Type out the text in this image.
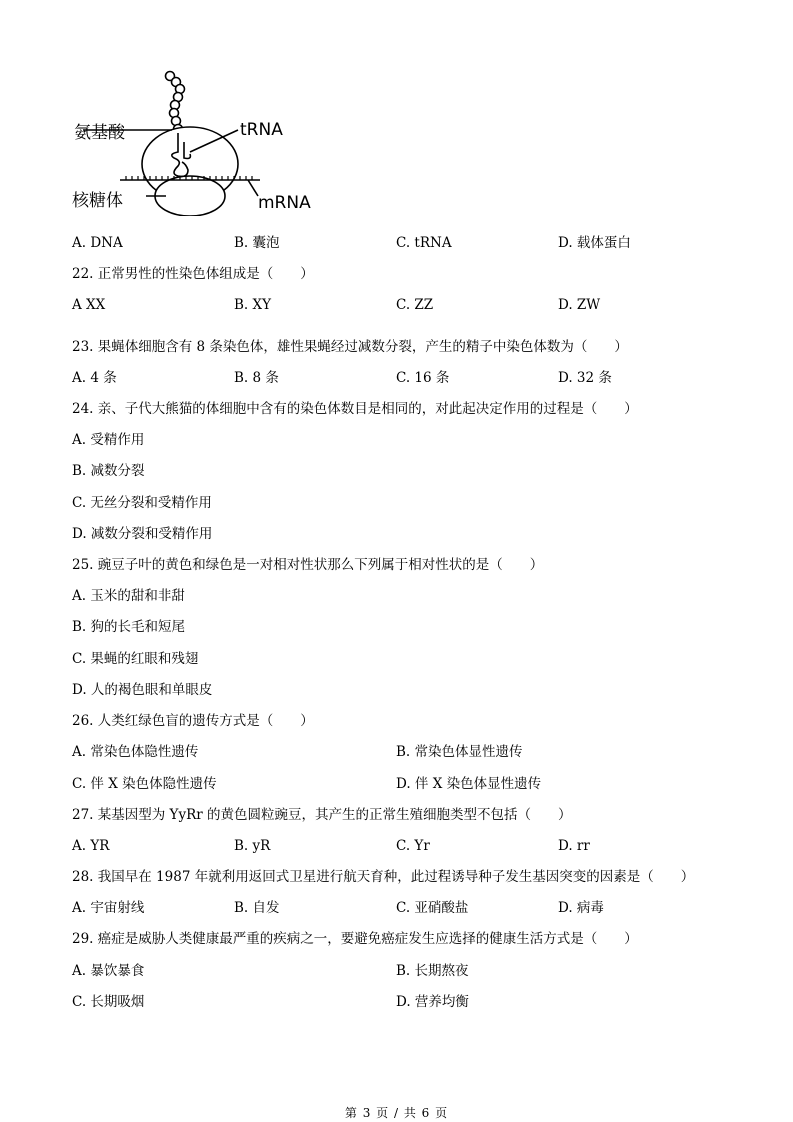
氨基酸	tRNA
核糖体	mRNA
A. DNA	B. 囊泡	C. tRNA	D. 载体蛋白
22. 正常男性的性染色体组成是（　　）
A XX	B. XY	C. ZZ	D. ZW
23. 果蝇体细胞含有 8 条染色体，雄性果蝇经过减数分裂，产生的精子中染色体数为（　　）
A. 4 条	B. 8 条	C. 16 条	D. 32 条
24. 亲、子代大熊猫的体细胞中含有的染色体数目是相同的，对此起决定作用的过程是（　　）
A. 受精作用
B. 减数分裂
C. 无丝分裂和受精作用
D. 减数分裂和受精作用
25. 豌豆子叶的黄色和绿色是一对相对性状那么下列属于相对性状的是（　　）
A. 玉米的甜和非甜
B. 狗的长毛和短尾
C. 果蝇的红眼和残翅
D. 人的褐色眼和单眼皮
26. 人类红绿色盲的遗传方式是（　　）
A. 常染色体隐性遗传	B. 常染色体显性遗传
C. 伴 X 染色体隐性遗传	D. 伴 X 染色体显性遗传
27. 某基因型为 YyRr 的黄色圆粒豌豆，其产生的正常生殖细胞类型不包括（　　）
A. YR	B. yR	C. Yr	D. rr
28. 我国早在 1987 年就利用返回式卫星进行航天育种，此过程诱导种子发生基因突变的因素是（　　）
A. 宇宙射线	B. 自发	C. 亚硝酸盐	D. 病毒
29. 癌症是威胁人类健康最严重的疾病之一，要避免癌症发生应选择的健康生活方式是（　　）
A. 暴饮暴食	B. 长期熬夜
C. 长期吸烟	D. 营养均衡
第 3 页 / 共 6 页
